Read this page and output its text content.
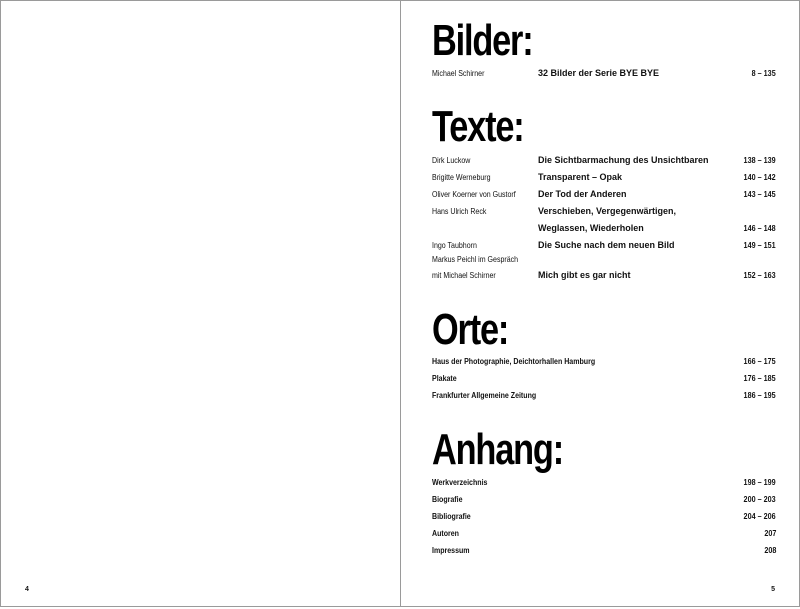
4
Bilder:
Michael Schirner	32 Bilder der Serie BYE BYE	8 – 135
Texte:
Dirk Luckow	Die Sichtbarmachung des Unsichtbaren	138 – 139
Brigitte Werneburg	Transparent – Opak	140 – 142
Oliver Koerner von Gustorf	Der Tod der Anderen	143 – 145
Hans Ulrich Reck	Verschieben, Vergegenwärtigen,
Weglassen, Wiederholen	146 – 148
Ingo Taubhorn	Die Suche nach dem neuen Bild	149 – 151
Markus Peichl im Gespräch
mit Michael Schirner	Mich gibt es gar nicht	152 – 163
Orte:
Haus der Photographie, Deichtorhallen Hamburg	166 – 175
Plakate	176 – 185
Frankfurter Allgemeine Zeitung	186 – 195
Anhang:
Werkverzeichnis	198 – 199
Biografie	200 – 203
Bibliografie	204 – 206
Autoren	207
Impressum	208
5
